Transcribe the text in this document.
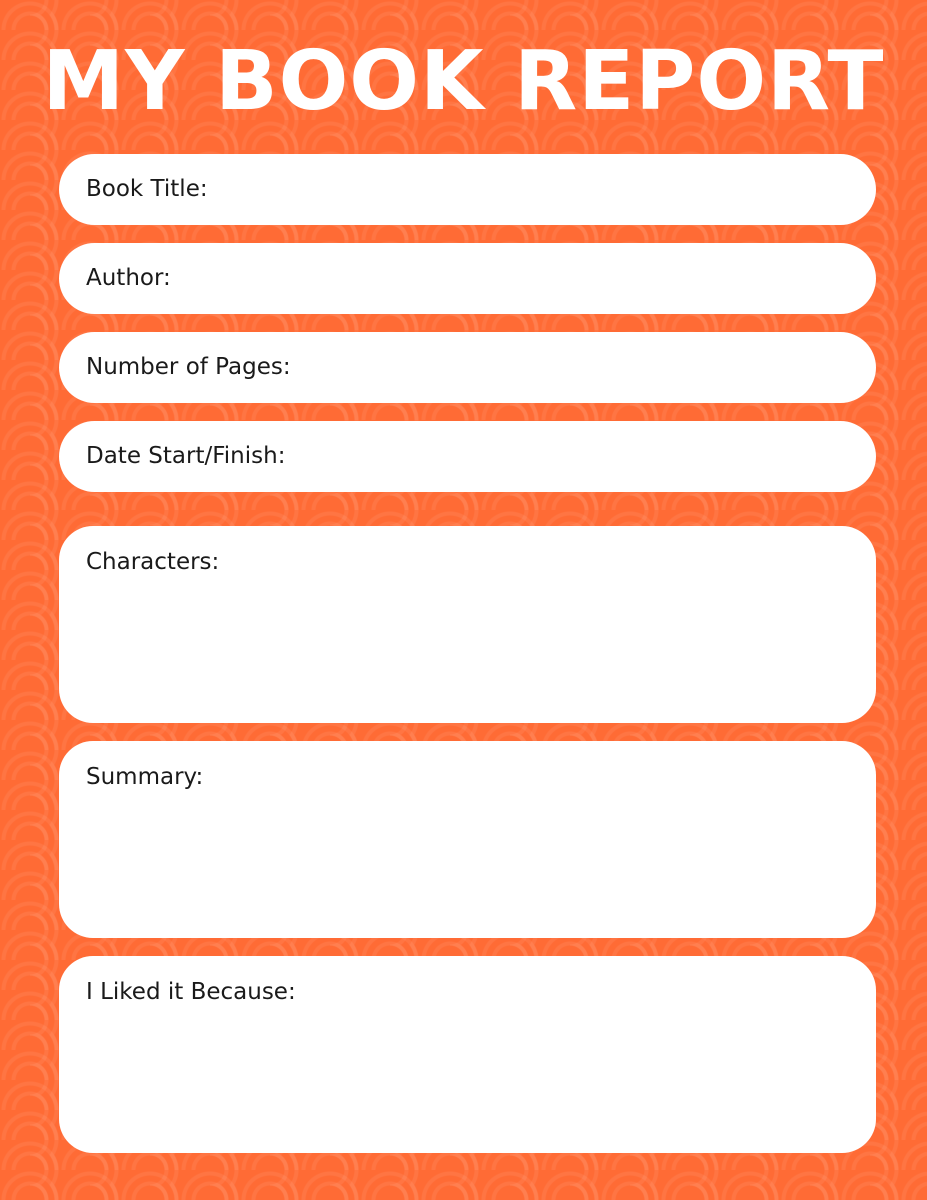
MY BOOK REPORT
Book Title:
Author:
Number of Pages:
Date Start/Finish:
Characters:
Summary:
I Liked it Because:
